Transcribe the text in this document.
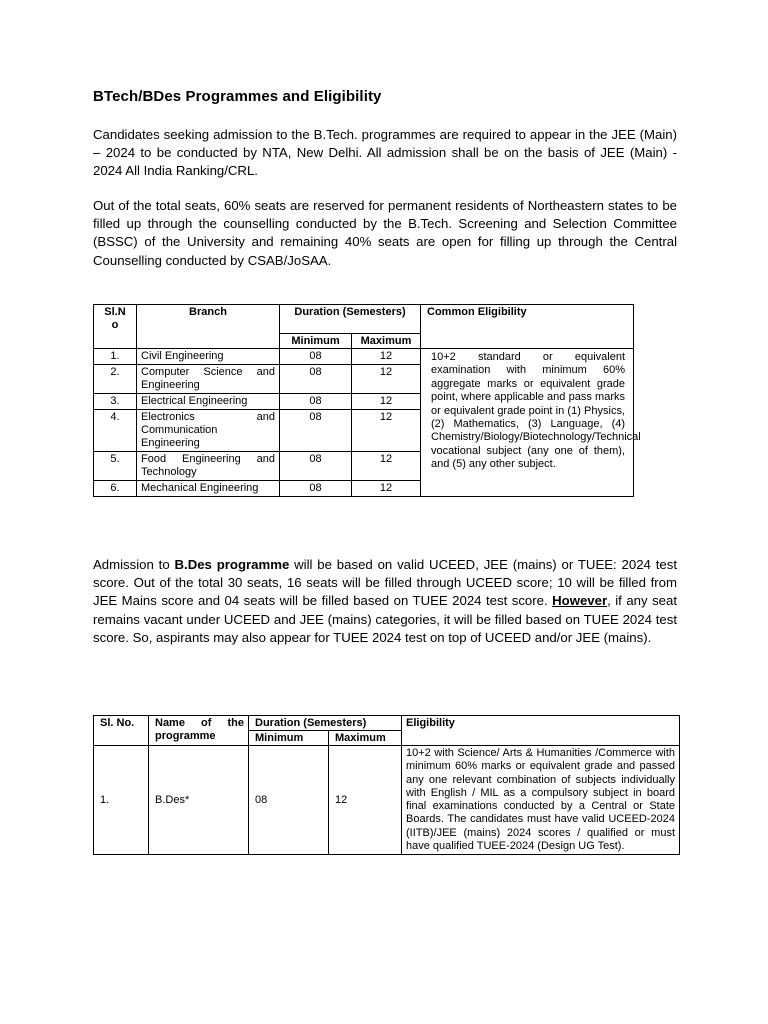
BTech/BDes Programmes and Eligibility

Candidates seeking admission to the B.Tech. programmes are required to appear in the JEE (Main) – 2024 to be conducted by NTA, New Delhi. All admission shall be on the basis of JEE (Main) - 2024 All India Ranking/CRL.

Out of the total seats, 60% seats are reserved for permanent residents of Northeastern states to be filled up through the counselling conducted by the B.Tech. Screening and Selection Committee (BSSC) of the University and remaining 40% seats are open for filling up through the Central Counselling conducted by CSAB/JoSAA.

Sl.No	Branch	Duration (Semesters)		Common Eligibility
		Minimum	Maximum	
1.	Civil Engineering	08	12	10+2 standard or equivalent examination with minimum 60% aggregate marks or equivalent grade point, where applicable and pass marks or equivalent grade point in (1) Physics, (2) Mathematics, (3) Language, (4) Chemistry/Biology/Biotechnology/Technical vocational subject (any one of them), and (5) any other subject.
2.	Computer Science and Engineering	08	12	
3.	Electrical Engineering	08	12	
4.	Electronics and Communication Engineering	08	12	
5.	Food Engineering and Technology	08	12	
6.	Mechanical Engineering	08	12	

Admission to B.Des programme will be based on valid UCEED, JEE (mains) or TUEE: 2024 test score. Out of the total 30 seats, 16 seats will be filled through UCEED score; 10 will be filled from JEE Mains score and 04 seats will be filled based on TUEE 2024 test score. However, if any seat remains vacant under UCEED and JEE (mains) categories, it will be filled based on TUEE 2024 test score. So, aspirants may also appear for TUEE 2024 test on top of UCEED and/or JEE (mains).

Sl. No.	Name of the programme	Duration (Semesters)		Eligibility
		Minimum	Maximum	
1.	B.Des*	08	12	10+2 with Science/ Arts & Humanities /Commerce with minimum 60% marks or equivalent grade and passed any one relevant combination of subjects individually with English / MIL as a compulsory subject in board final examinations conducted by a Central or State Boards. The candidates must have valid UCEED-2024 (IITB)/JEE (mains) 2024 scores / qualified or must have qualified TUEE-2024 (Design UG Test).
